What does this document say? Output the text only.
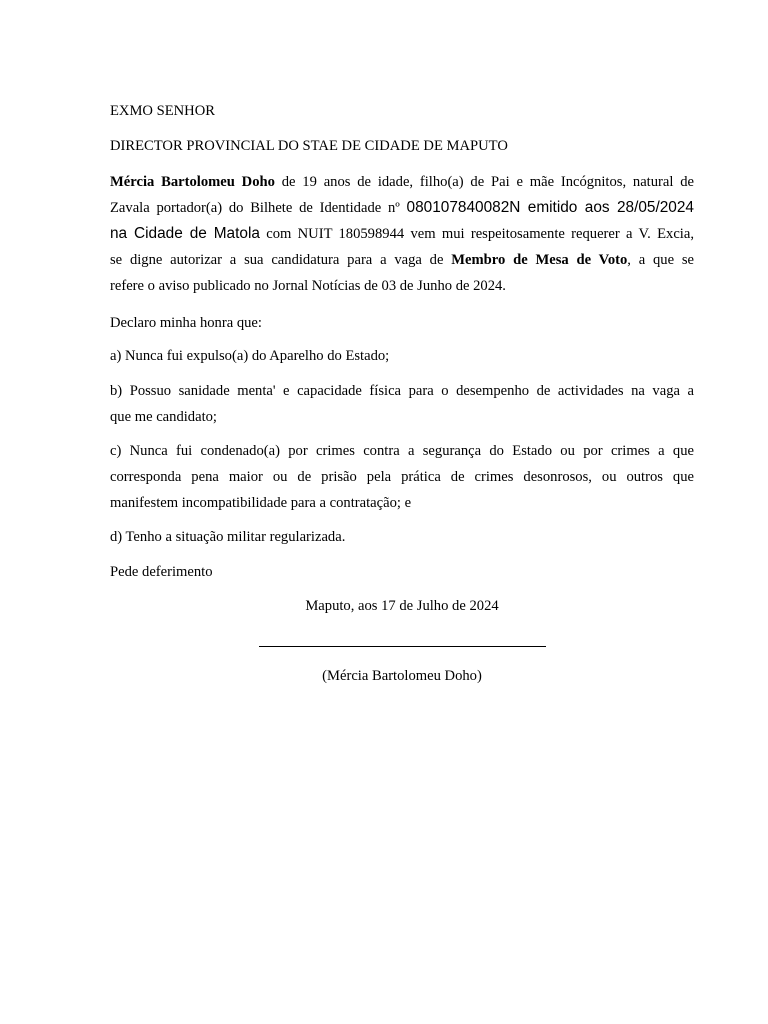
EXMO SENHOR
DIRECTOR PROVINCIAL DO STAE DE CIDADE DE MAPUTO
Mércia Bartolomeu Doho de 19 anos de idade, filho(a) de Pai e mãe Incógnitos, natural de
Zavala portador(a) do Bilhete de Identidade nº 080107840082N emitido aos 28/05/2024
na Cidade de Matola com NUIT 180598944 vem mui respeitosamente requerer a V. Excia,
se digne autorizar a sua candidatura para a vaga de Membro de Mesa de Voto, a que se
refere o aviso publicado no Jornal Notícias de 03 de Junho de 2024.
Declaro minha honra que:
a) Nunca fui expulso(a) do Aparelho do Estado;
b) Possuo sanidade menta' e capacidade física para o desempenho de actividades na vaga a
que me candidato;
c) Nunca fui condenado(a) por crimes contra a segurança do Estado ou por crimes a que
corresponda pena maior ou de prisão pela prática de crimes desonrosos, ou outros que
manifestem incompatibilidade para a contratação; e
d) Tenho a situação militar regularizada.
Pede deferimento
Maputo, aos 17 de Julho de 2024
(Mércia Bartolomeu Doho)
